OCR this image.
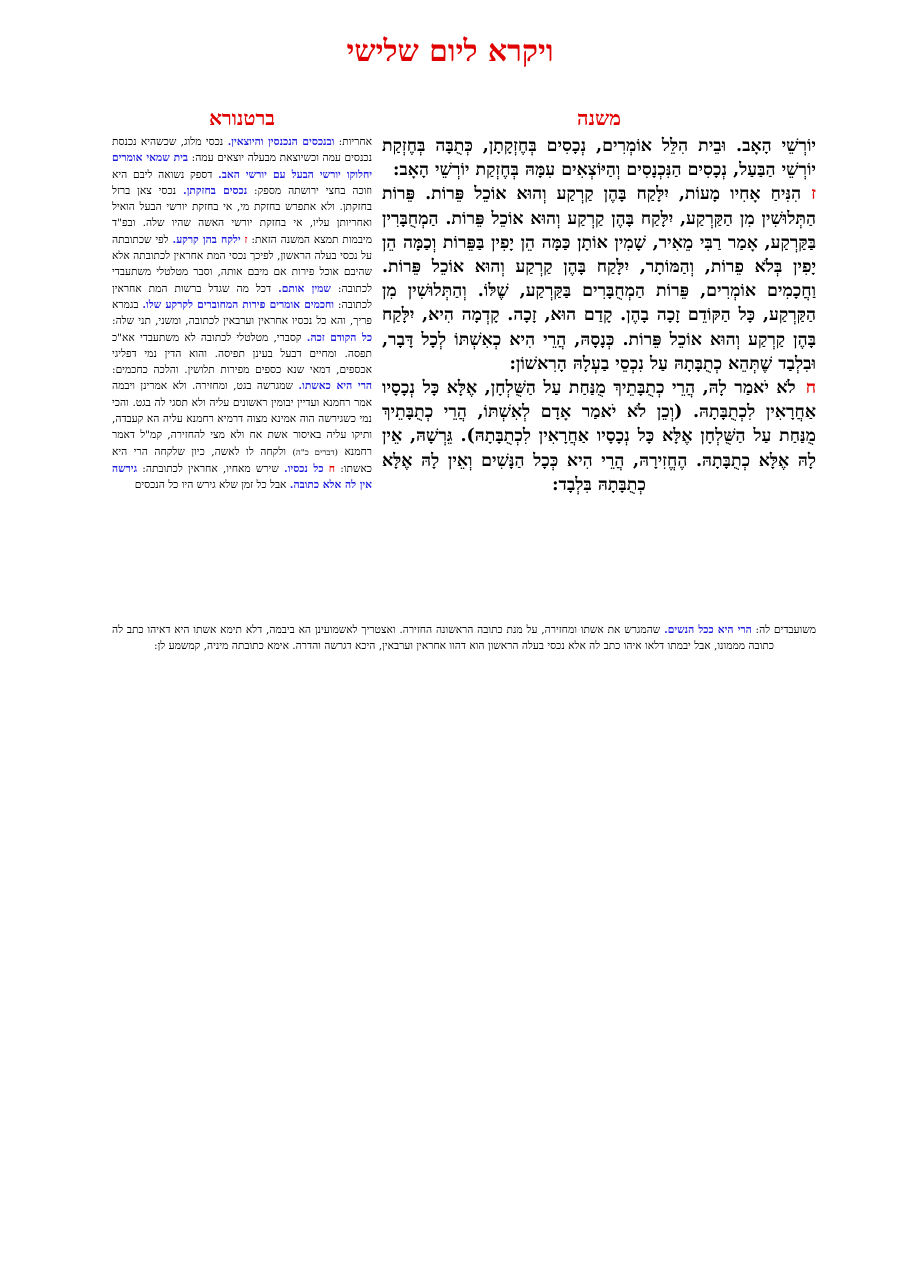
ויקרא ליום שלישי
משנה
ברטנורא

יוֹרְשֵׁי הָאָב. וּבֵית הִלֵּל אוֹמְרִים, נְכָסִים בְּחֶזְקָתָן, כְּתֻבָּה בְּחֶזְקַת יוֹרְשֵׁי הַבַּעַל, נְכָסִים הַנִּכְנָסִים וְהַיּוֹצְאִים עִמָּהּ בְּחֶזְקַת יוֹרְשֵׁי הָאָב:

זהִנִּיחַ אָחִיו מָעוֹת, יִלָּקַח בָּהֶן קַרְקַע וְהוּא אוֹכֵל פֵּרוֹת. פֵּרוֹת הַתְּלוּשִׁין מִן הַקַּרְקַע, יִלָּקַח בָּהֶן קַרְקַע וְהוּא אוֹכֵל פֵּרוֹת. הַמְחֻבָּרִין בַּקַּרְקַע, אָמַר רַבִּי מֵאִיר, שָׁמִין אוֹתָן כַּמָּה הֵן יָפִין בַּפֵּרוֹת וְכַמָּה הֵן יָפִין בְּלֹא פֵרוֹת, וְהַמּוֹתָר, יִלָּקַח בָּהֶן קַרְקַע וְהוּא אוֹכֵל פֵּרוֹת. וַחֲכָמִים אוֹמְרִים, פֵּרוֹת הַמְחֻבָּרִים בַּקַּרְקַע, שֶׁלּוֹ. וְהַתְּלוּשִׁין מִן הַקַּרְקַע, כָּל הַקּוֹדֵם זָכָה בָהֶן. קָדַם הוּא, זָכָה. קָדְמָה הִיא, יִלָּקַח בָּהֶן קַרְקַע וְהוּא אוֹכֵל פֵּרוֹת. כְּנָסָהּ, הֲרֵי הִיא כְאִשְׁתּוֹ לְכָל דָּבָר, וּבִלְבַד שֶׁתְּהֵא כְתֻבָּתָהּ עַל נִכְסֵי בַעְלָהּ הָרִאשׁוֹן:

חלֹא יֹאמַר לָהּ, הֲרֵי כְתֻבָּתֵיךְ מֻנַּחַת עַל הַשֻּׁלְחָן, אֶלָּא כָּל נְכָסָיו אַחֲרָאִין לִכְתֻבָּתָהּ. (וְכֵן לֹא יֹאמַר אָדָם לְאִשְׁתּוֹ, הֲרֵי כְתֻבָּתֵיךְ מֻנַּחַת עַל הַשֻּׁלְחָן אֶלָּא כָּל נְכָסָיו אַחֲרָאִין לִכְתֻבָּתָהּ). גֵּרְשָׁהּ, אֵין לָהּ אֶלָּא כְתֻבָּתָהּ. הֶחֱזִירָהּ, הֲרֵי הִיא כְּכָל הַנָּשִׁים וְאֵין לָהּ אֶלָּא כְתֻבָּתָהּ בִּלְבָד:

אחריות: ובנכסים הנכנסין והיוצאין. נכסי מלוג, שכשהיא נכנסת נכנסים עמה וכשיוצאת מבעלה יוצאים עמה: בית שמאי אומרים יחלוקו יורשי הבעל עם יורשי האב. דספק נשואה ליבם היא וזוכה בחצי ירושתה מספק: נכסים בחזקתן. נכסי צאן ברזל בחזקתן. ולא אתפרש בחזקת מי, אי בחזקת יורשי הבעל הואיל ואחריותן עליו, אי בחזקת יורשי האשה שהיו שלה. ובפ"ד מיבמות תמצא המשנה הזאת: ז ילקח בהן קרקע. לפי שכתובתה על נכסי בעלה הראשון, לפיכך נכסי המת אחראין לכתובתה אלא שהיבם אוכל פירות אם מיבם אותה, וסבר מטלטלי משתעבדי לכתובה: שמין אותם. דכל מה שגדל ברשות המת אחראין לכתובה: וחכמים אומרים פירות המחוברים לקרקע שלו. בגמרא פריך, והא כל נכסיו אחראין וערבאין לכתובה, ומשני, תני שלה: כל הקודם זכה. קסברי, מטלטלי לכתובה לא משתעבדי אא"כ תפסה. ומחיים דבעל בעינן תפיסה. והוא הדין נמי דפליגי אכספים, דמאי שנא כספים מפירות תלושין. והלכה כחכמים: הרי היא כאשתו. שמגרשה בגט, ומחזירה. ולא אמרינן ויבמה אמר רחמנא ועדיין יבומין ראשונים עליה ולא תסגי לה בגט. והכי נמי כשגירשה הוה אמינא מצוה דרמיא רחמנא עליה הא קעבדה, ותיקו עליה באיסור אשת אח ולא מצי להחזירה, קמ"ל דאמר רחמנא (דברים כ"ה) ולקחה לו לאשה, כיון שלקחה הרי היא כאשתו: ח כל נכסיו. שירש מאחיו, אחראין לכתובתה: גירשה אין לה אלא כתובה. אבל כל זמן שלא גירש היו כל הנכסים

משועבדים לה: הרי היא ככל הנשים. שהמגרש את אשתו ומחזירה, על מנת כתובה הראשונה החזירה. ואצטריך לאשמועינן הא ביבמה, דלא תימא אשתו היא דאיהו כתב לה כתובה מממונו, אבל יבמתו דלאו איהו כתב לה אלא נכסי בעלה הראשון הוא דהוו אחראין וערבאין, היכא דגרשה והדרה. אימא כתובתה מיניה, קמשמע לן:
